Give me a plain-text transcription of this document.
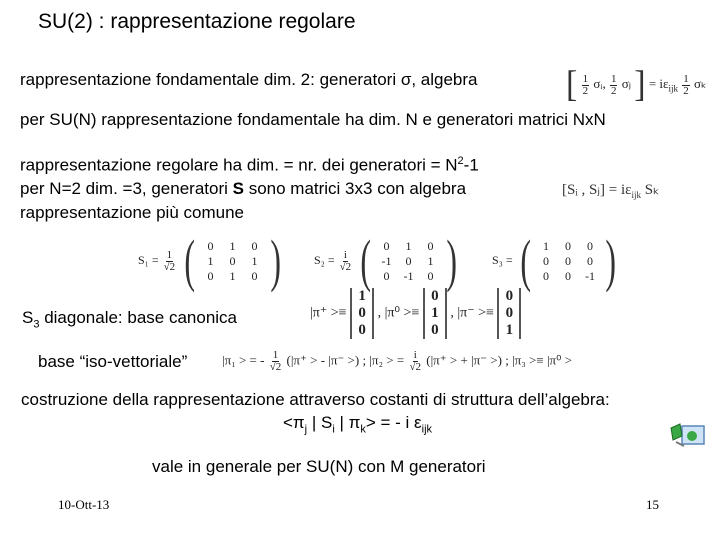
SU(2) : rappresentazione regolare
rappresentazione fondamentale dim. 2: generatori σ, algebra	[ $\frac{1}{2}$ σᵢ, $\frac{1}{2}$ σⱼ ] = $i\varepsilon_{ijk} \frac{1}{2}$ σₖ
per SU(N) rappresentazione fondamentale ha dim. N e generatori matrici NxN
rappresentazione regolare ha dim. = nr. dei generatori = $N^2-1$
per N=2 dim. =3, generatori S sono matrici 3x3 con algebra	[Sᵢ , Sⱼ] = $i\varepsilon_{ijk}$ Sₖ
rappresentazione più comune
$S_1 = \frac{1}{√2}$ (	0	1	0
1	0	1
0	1	0 )	$S_2 = \frac{i}{√2}$ (	0	1	0
-1	0	1
0	-1	0 )	S₃ = (	1	0	0
0	0	0
0	0	-1 )
$S_3$ diagonale: base canonica	|π⁺ >≡
1
0
0
, |π⁰ >≡
0
1
0
, |π⁻ >≡
0
0
1
base “iso-vettoriale”	|π₁ > = - $\frac{1}{√2} (|\pi^+$ > - |π⁻ >) ; |π₂ > = $\frac{i}{√2} (|\pi^+$ > + |π⁻ >) ; |π₃ >≡ |π⁰ >
costruzione della rappresentazione attraverso costanti di struttura dell’algebra:
$<\pi_j$ | $S_i$ | $\pi_k>$ = - i $\varepsilon_{ijk}$
vale in generale per SU(N) con M generatori
10-Ott-13	15
